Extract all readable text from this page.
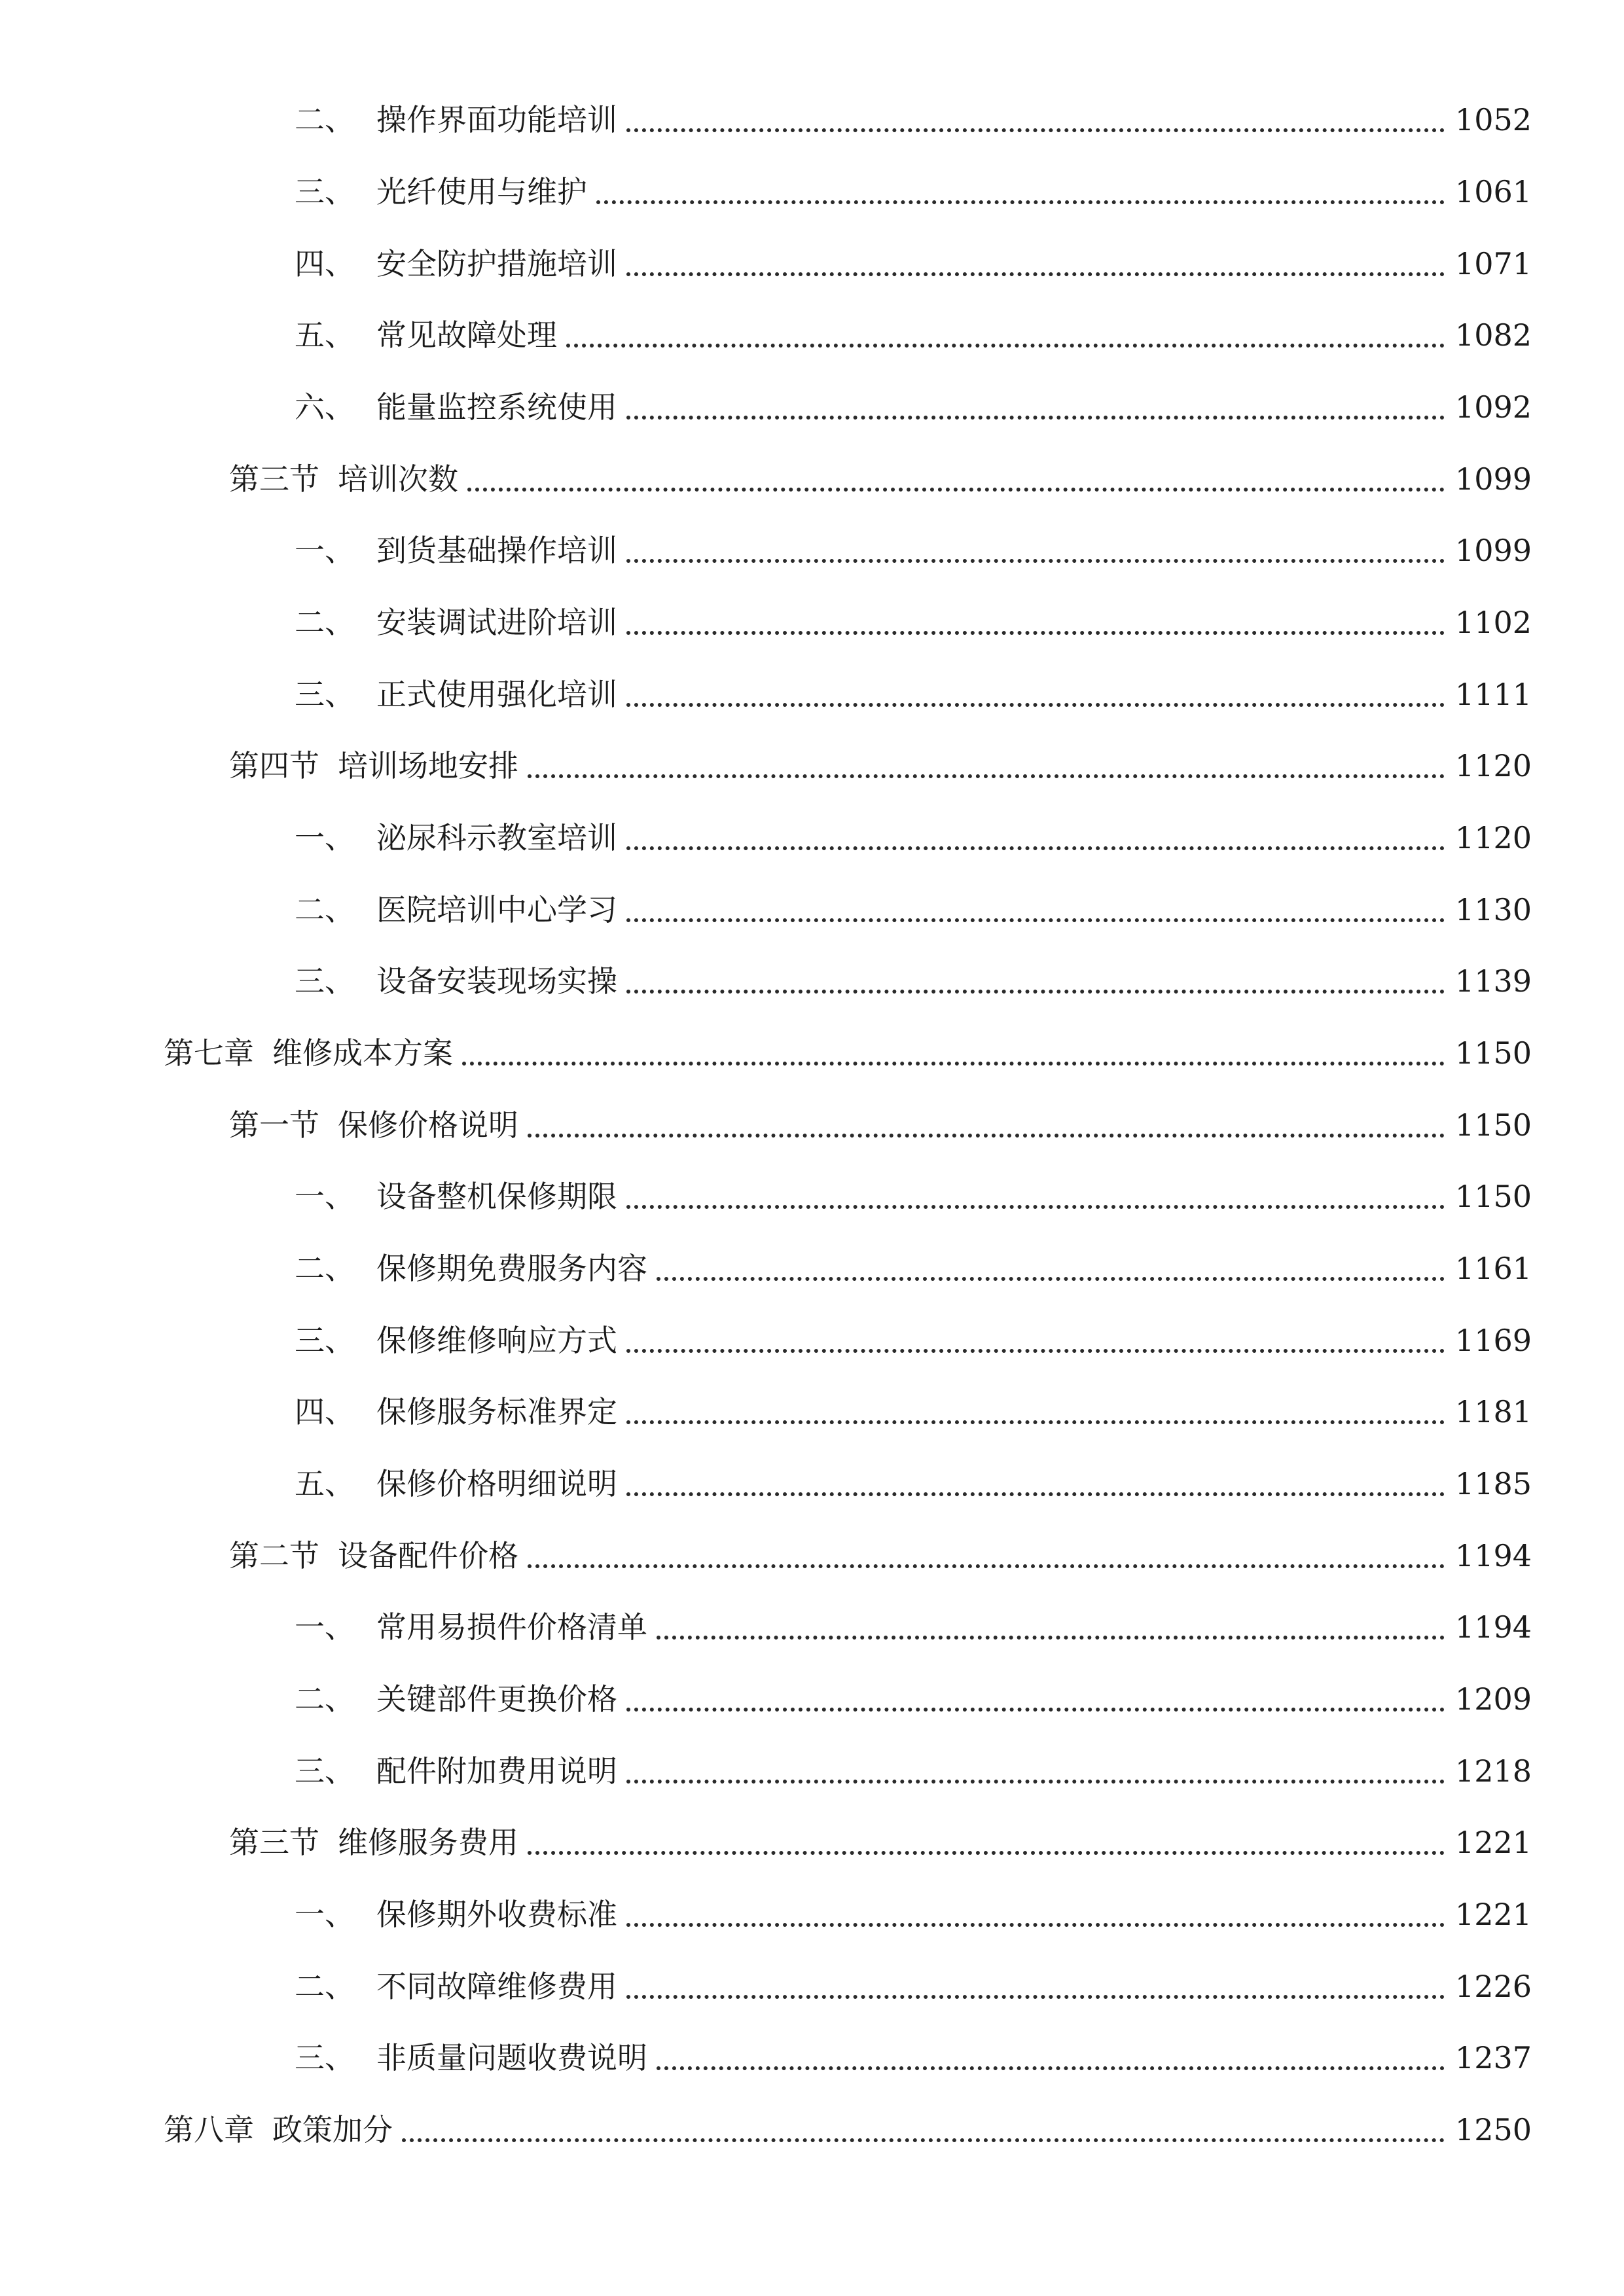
二、 操作界面功能培训	1052
三、 光纤使用与维护	1061
四、 安全防护措施培训	1071
五、 常见故障处理	1082
六、 能量监控系统使用	1092
第三节 培训次数	1099
一、 到货基础操作培训	1099
二、 安装调试进阶培训	1102
三、 正式使用强化培训	1111
第四节 培训场地安排	1120
一、 泌尿科示教室培训	1120
二、 医院培训中心学习	1130
三、 设备安装现场实操	1139
第七章 维修成本方案	1150
第一节 保修价格说明	1150
一、 设备整机保修期限	1150
二、 保修期免费服务内容	1161
三、 保修维修响应方式	1169
四、 保修服务标准界定	1181
五、 保修价格明细说明	1185
第二节 设备配件价格	1194
一、 常用易损件价格清单	1194
二、 关键部件更换价格	1209
三、 配件附加费用说明	1218
第三节 维修服务费用	1221
一、 保修期外收费标准	1221
二、 不同故障维修费用	1226
三、 非质量问题收费说明	1237
第八章 政策加分	1250
